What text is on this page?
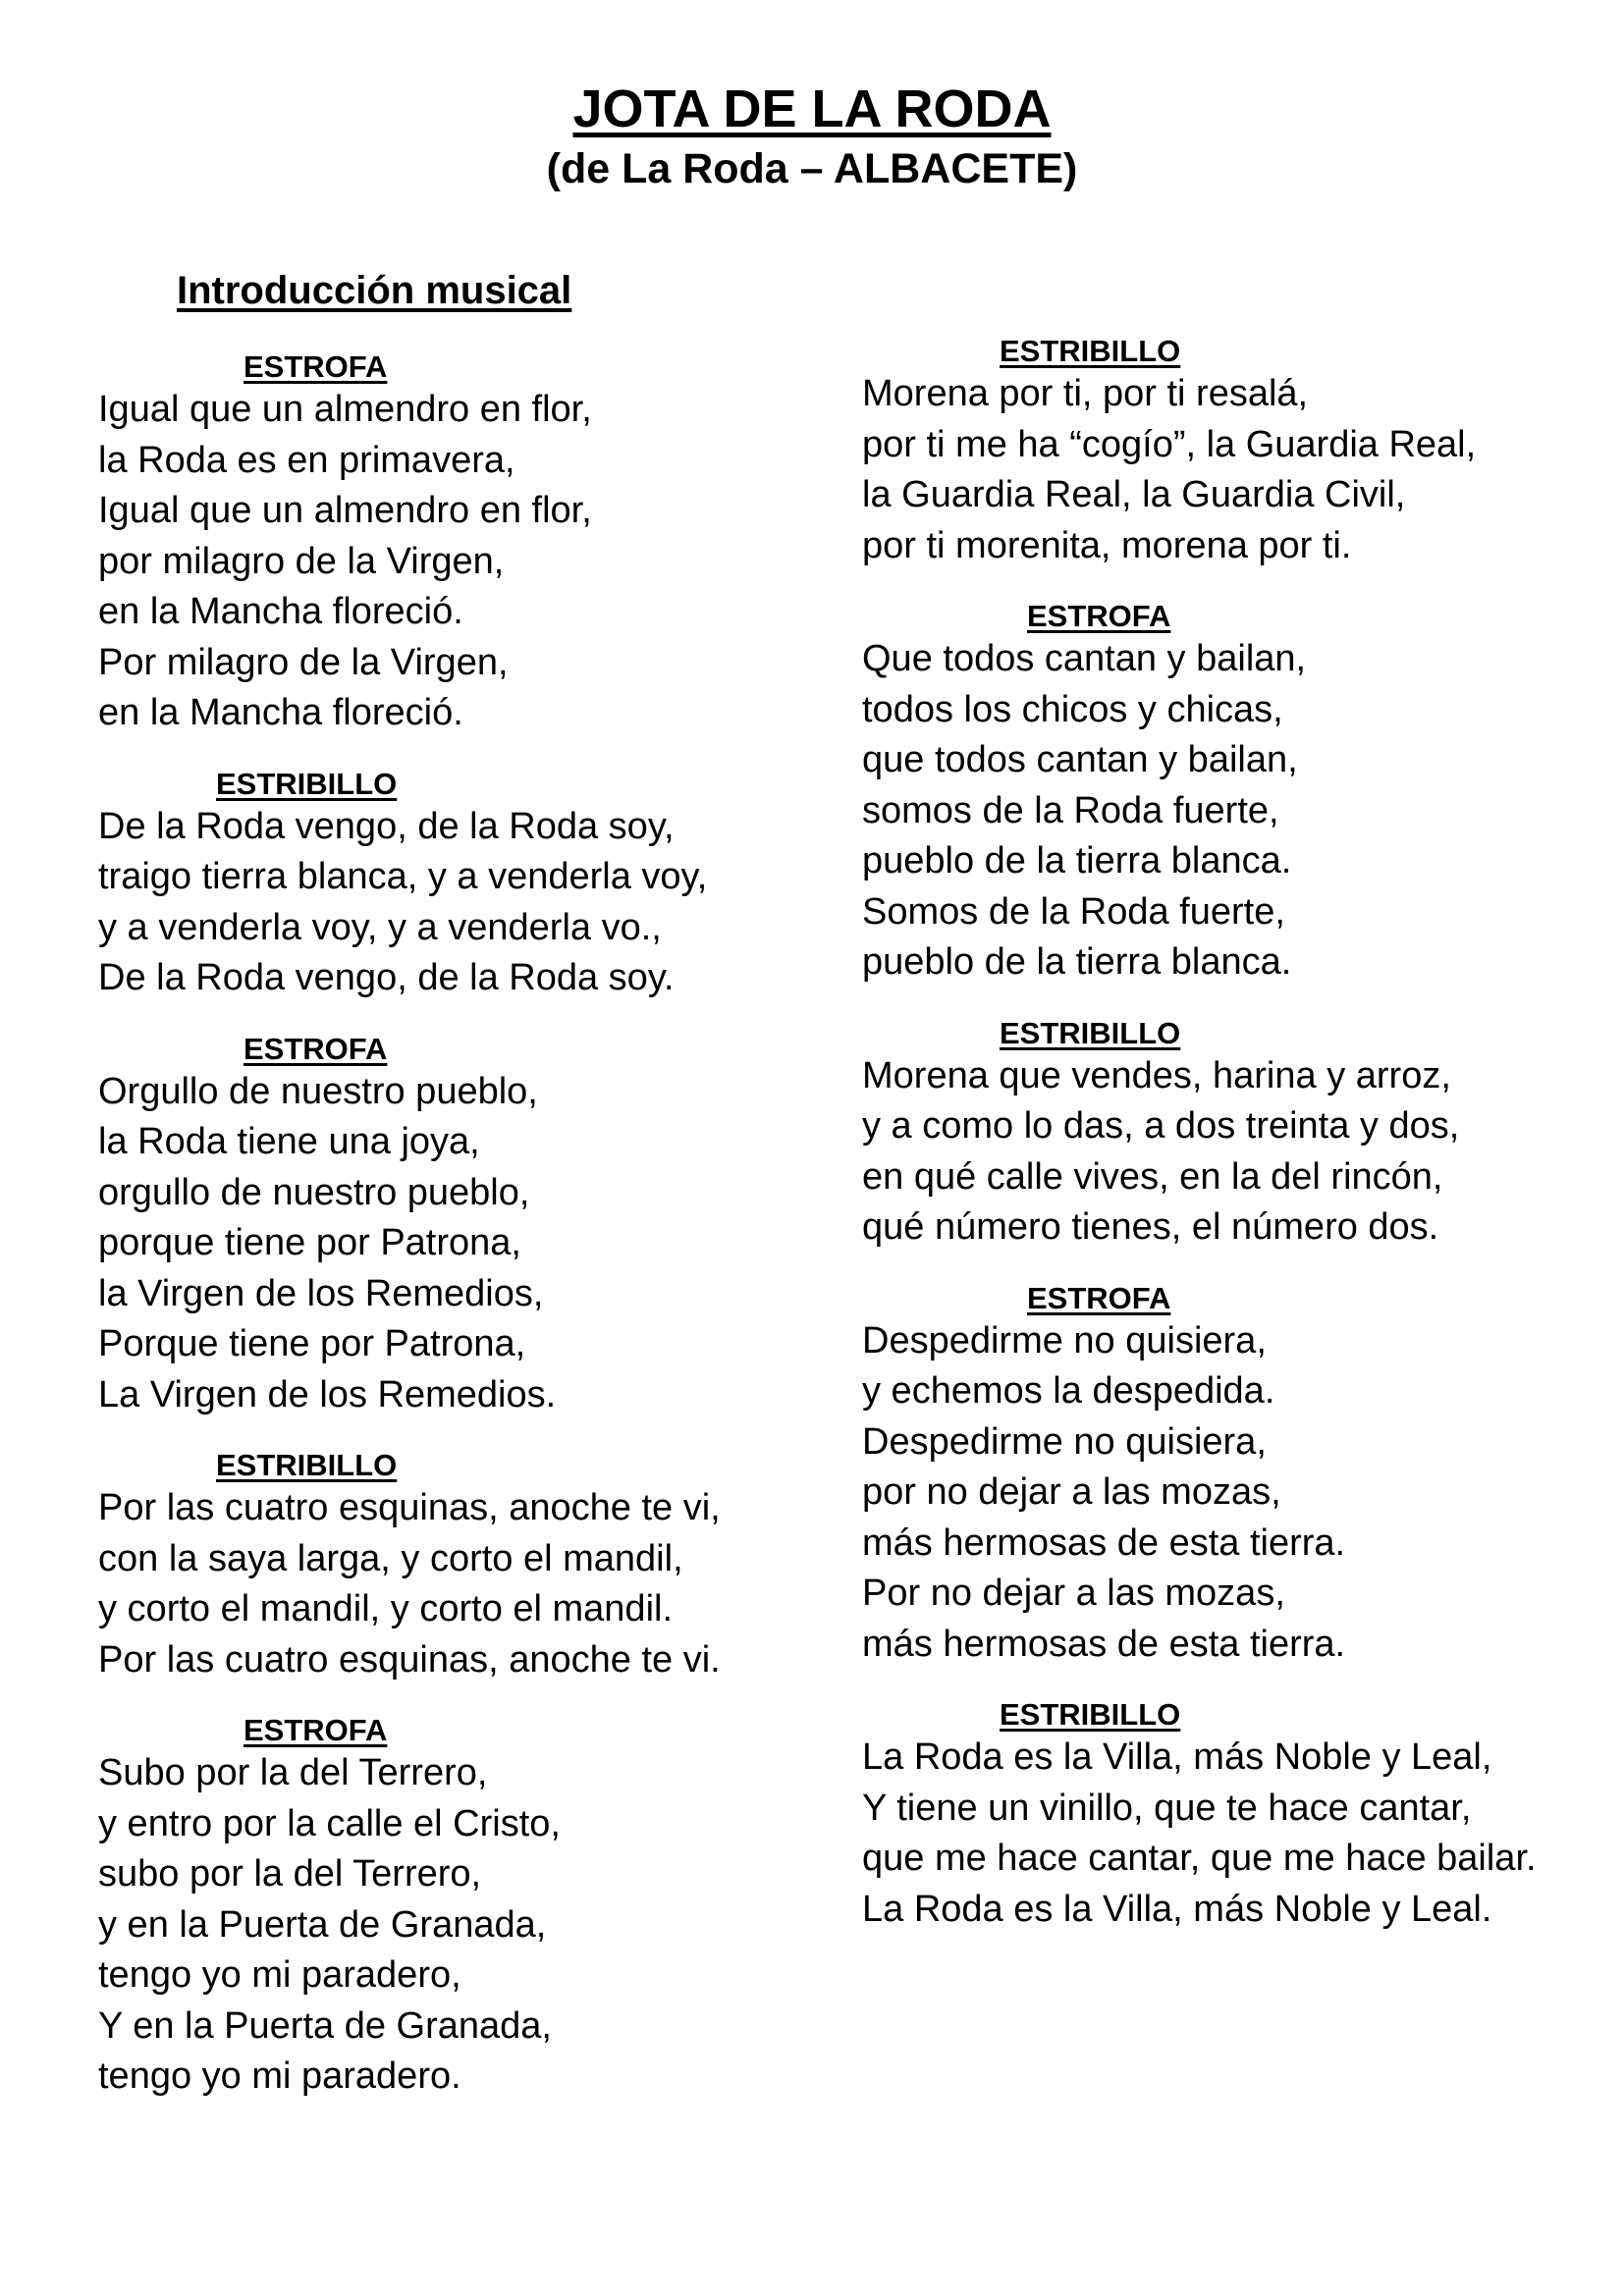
JOTA DE LA RODA
(de La Roda – ALBACETE)
Introducción musical
ESTROFA
Igual que un almendro en flor,
la Roda es en primavera,
Igual que un almendro en flor,
por milagro de la Virgen,
en la Mancha floreció.
Por milagro de la Virgen,
en la Mancha floreció.
ESTRIBILLO
De la Roda vengo, de la Roda soy,
traigo tierra blanca, y a venderla voy,
y a venderla voy, y a venderla vo.,
De la Roda vengo, de la Roda soy.
ESTROFA
Orgullo de nuestro pueblo,
la Roda tiene una joya,
orgullo de nuestro pueblo,
porque tiene por Patrona,
la Virgen de los Remedios,
Porque tiene por Patrona,
La Virgen de los Remedios.
ESTRIBILLO
Por las cuatro esquinas, anoche te vi,
con la saya larga, y corto el mandil,
y corto el mandil, y corto el mandil.
Por las cuatro esquinas, anoche te vi.
ESTROFA
Subo por la del Terrero,
y entro por la calle el Cristo,
subo por la del Terrero,
y en la Puerta de Granada,
tengo yo mi paradero,
Y en la Puerta de Granada,
tengo yo mi paradero.
ESTRIBILLO
Morena por ti, por ti resalá,
por ti me ha “cogío”, la Guardia Real,
la Guardia Real, la Guardia Civil,
por ti morenita, morena por ti.
ESTROFA
Que todos cantan y bailan,
todos los chicos y chicas,
que todos cantan y bailan,
somos de la Roda fuerte,
pueblo de la tierra blanca.
Somos de la Roda fuerte,
pueblo de la tierra blanca.
ESTRIBILLO
Morena que vendes, harina y arroz,
y a como lo das, a dos treinta y dos,
en qué calle vives, en la del rincón,
qué número tienes, el número dos.
ESTROFA
Despedirme no quisiera,
y echemos la despedida.
Despedirme no quisiera,
por no dejar a las mozas,
más hermosas de esta tierra.
Por no dejar a las mozas,
más hermosas de esta tierra.
ESTRIBILLO
La Roda es la Villa, más Noble y Leal,
Y tiene un vinillo, que te hace cantar,
que me hace cantar, que me hace bailar.
La Roda es la Villa, más Noble y Leal.
